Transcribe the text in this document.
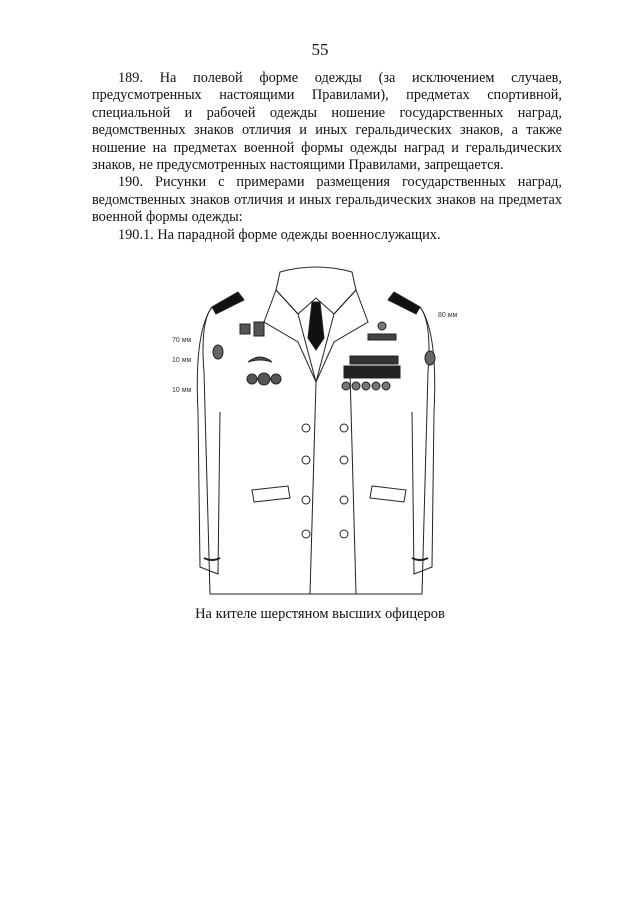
55

189. На полевой форме одежды (за исключением случаев, предусмотренных настоящими Правилами), предметах спортивной, специальной и рабочей одежды ношение государственных наград, ведомственных знаков отличия и иных геральдических знаков, а также ношение на предметах военной формы одежды наград и геральдических знаков, не предусмотренных настоящими Правилами, запрещается.

190. Рисунки с примерами размещения государственных наград, ведомственных знаков отличия и иных геральдических знаков на предметах военной формы одежды:

190.1. На парадной форме одежды военнослужащих.

70 мм
10 мм
10 мм
80 мм
На кителе шерстяном высших офицеров
